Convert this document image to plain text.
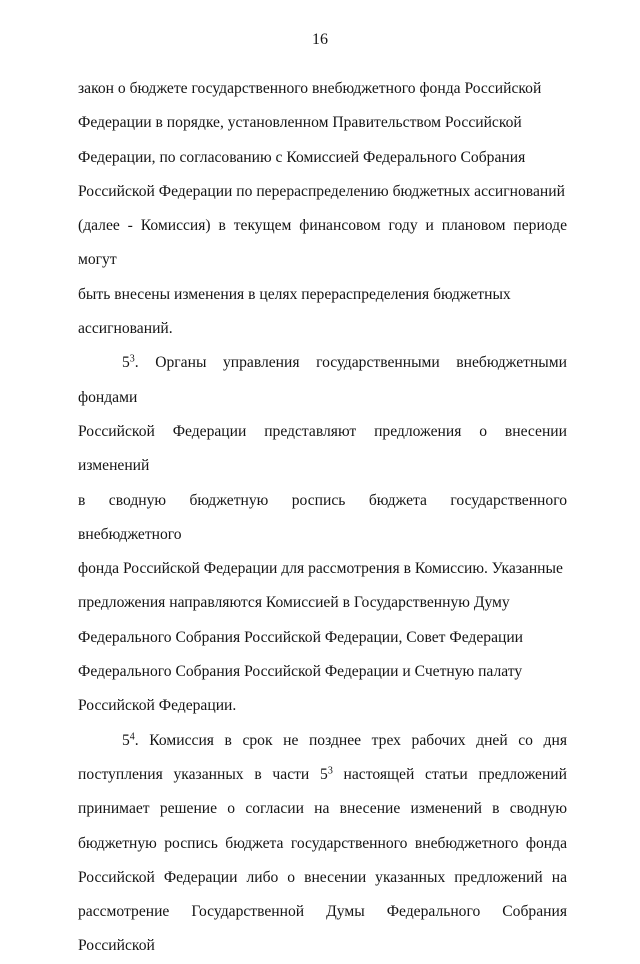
16

закон о бюджете государственного внебюджетного фонда Российской
Федерации в порядке, установленном Правительством Российской
Федерации, по согласованию с Комиссией Федерального Собрания
Российской Федерации по перераспределению бюджетных ассигнований
(далее - Комиссия) в текущем финансовом году и плановом периоде могут
быть внесены изменения в целях перераспределения бюджетных
ассигнований.

$5^3$. Органы управления государственными внебюджетными фондами
Российской Федерации представляют предложения о внесении изменений
в сводную бюджетную роспись бюджета государственного внебюджетного
фонда Российской Федерации для рассмотрения в Комиссию. Указанные
предложения направляются Комиссией в Государственную Думу
Федерального Собрания Российской Федерации, Совет Федерации
Федерального Собрания Российской Федерации и Счетную палату
Российской Федерации.

$5^4$. Комиссия в срок не позднее трех рабочих дней со дня
поступления указанных в части $5^3$ настоящей статьи предложений
принимает решение о согласии на внесение изменений в сводную
бюджетную роспись бюджета государственного внебюджетного фонда
Российской Федерации либо о внесении указанных предложений на
рассмотрение Государственной Думы Федерального Собрания Российской
